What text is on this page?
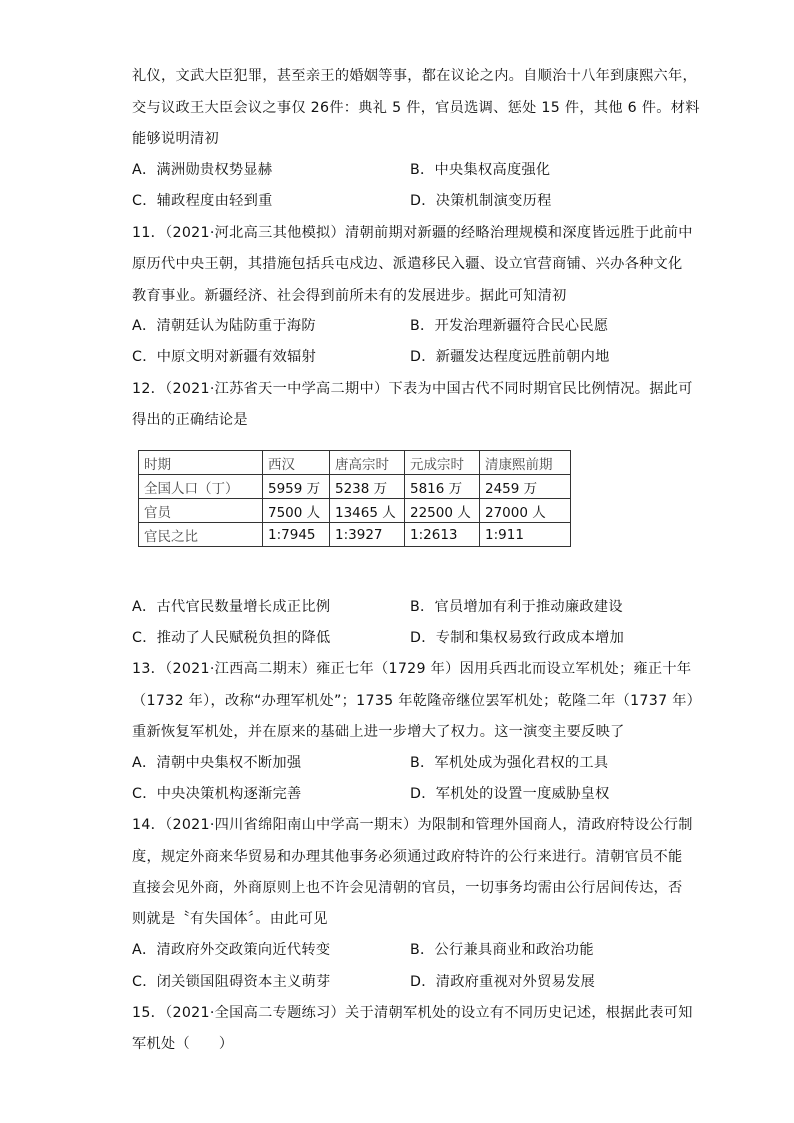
礼仪，文武大臣犯罪，甚至亲王的婚姻等事，都在议论之内。自顺治十八年到康熙六年，
交与议政王大臣会议之事仅 26件：典礼 5 件，官员选调、惩处 15 件，其他 6 件。材料
能够说明清初
A．满洲勋贵权势显赫	B．中央集权高度强化
C．辅政程度由轻到重	D．决策机制演变历程
11．（2021·河北高三其他模拟）清朝前期对新疆的经略治理规模和深度皆远胜于此前中
原历代中央王朝，其措施包括兵屯戍边、派遣移民入疆、设立官营商铺、兴办各种文化
教育事业。新疆经济、社会得到前所未有的发展进步。据此可知清初
A．清朝廷认为陆防重于海防	B．开发治理新疆符合民心民愿
C．中原文明对新疆有效辐射	D．新疆发达程度远胜前朝内地
12．（2021·江苏省天一中学高二期中）下表为中国古代不同时期官民比例情况。据此可
得出的正确结论是
时期	西汉	唐高宗时	元成宗时	清康熙前期
全国人口（丁）	5959 万	5238 万	5816 万	2459 万
官员	7500 人	13465 人	22500 人	27000 人
官民之比	1:7945	1:3927	1:2613	1:911
A．古代官民数量增长成正比例	B．官员增加有利于推动廉政建设
C．推动了人民赋税负担的降低	D．专制和集权易致行政成本增加
13．（2021·江西高二期末）雍正七年（1729 年）因用兵西北而设立军机处；雍正十年
（1732 年），改称“办理军机处”；1735 年乾隆帝继位罢军机处；乾隆二年（1737 年）
重新恢复军机处，并在原来的基础上进一步增大了权力。这一演变主要反映了
A．清朝中央集权不断加强	B．军机处成为强化君权的工具
C．中央决策机构逐渐完善	D．军机处的设置一度威胁皇权
14．（2021·四川省绵阳南山中学高一期末）为限制和管理外国商人，清政府特设公行制
度，规定外商来华贸易和办理其他事务必须通过政府特许的公行来进行。清朝官员不能
直接会见外商，外商原则上也不许会见清朝的官员，一切事务均需由公行居间传达，否
则就是〝有失国体〞。由此可见
A．清政府外交政策向近代转变	B．公行兼具商业和政治功能
C．闭关锁国阻碍资本主义萌芽	D．清政府重视对外贸易发展
15．（2021·全国高二专题练习）关于清朝军机处的设立有不同历史记述，根据此表可知
军机处（　　）
